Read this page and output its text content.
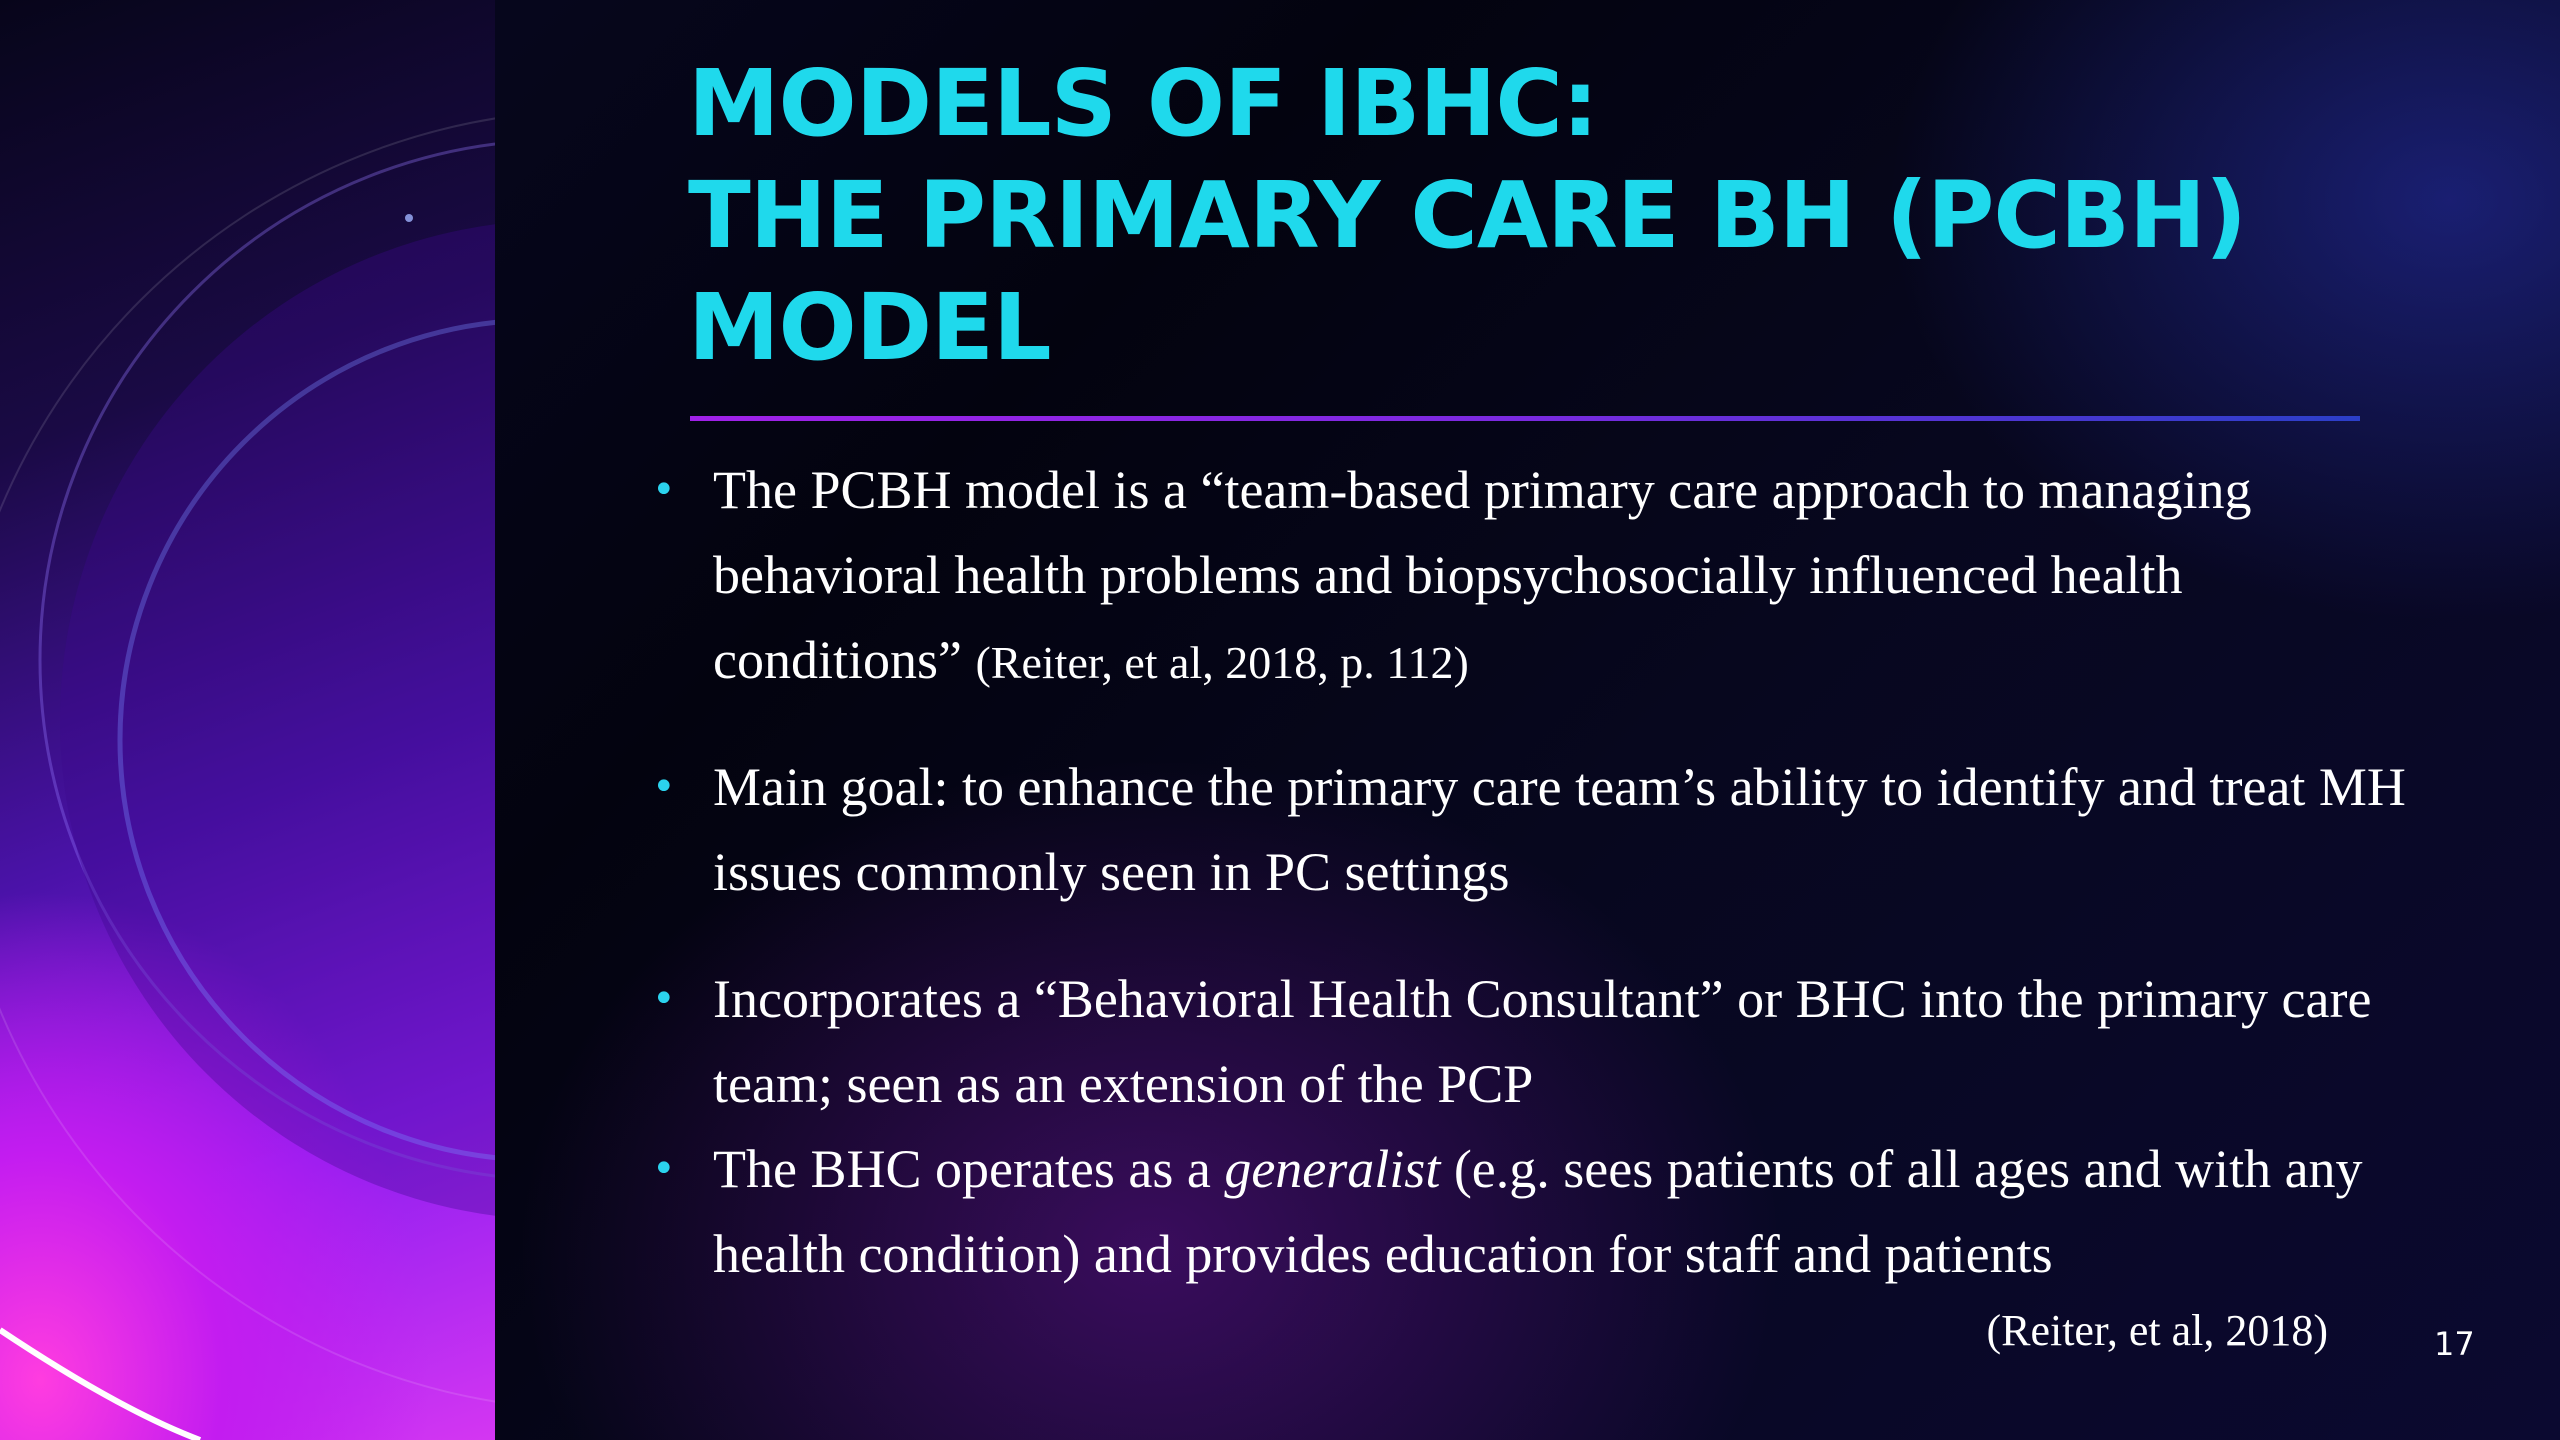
MODELS OF IBHC:
THE PRIMARY CARE BH (PCBH)
MODEL
• The PCBH model is a “team-based primary care approach to managing behavioral health problems and biopsychosocially influenced health conditions” (Reiter, et al, 2018, p. 112)
• Main goal: to enhance the primary care team’s ability to identify and treat MH issues commonly seen in PC settings
• Incorporates a “Behavioral Health Consultant” or BHC into the primary care team; seen as an extension of the PCP
• The BHC operates as a generalist (e.g. sees patients of all ages and with any health condition) and provides education for staff and patients
(Reiter, et al, 2018)	17
